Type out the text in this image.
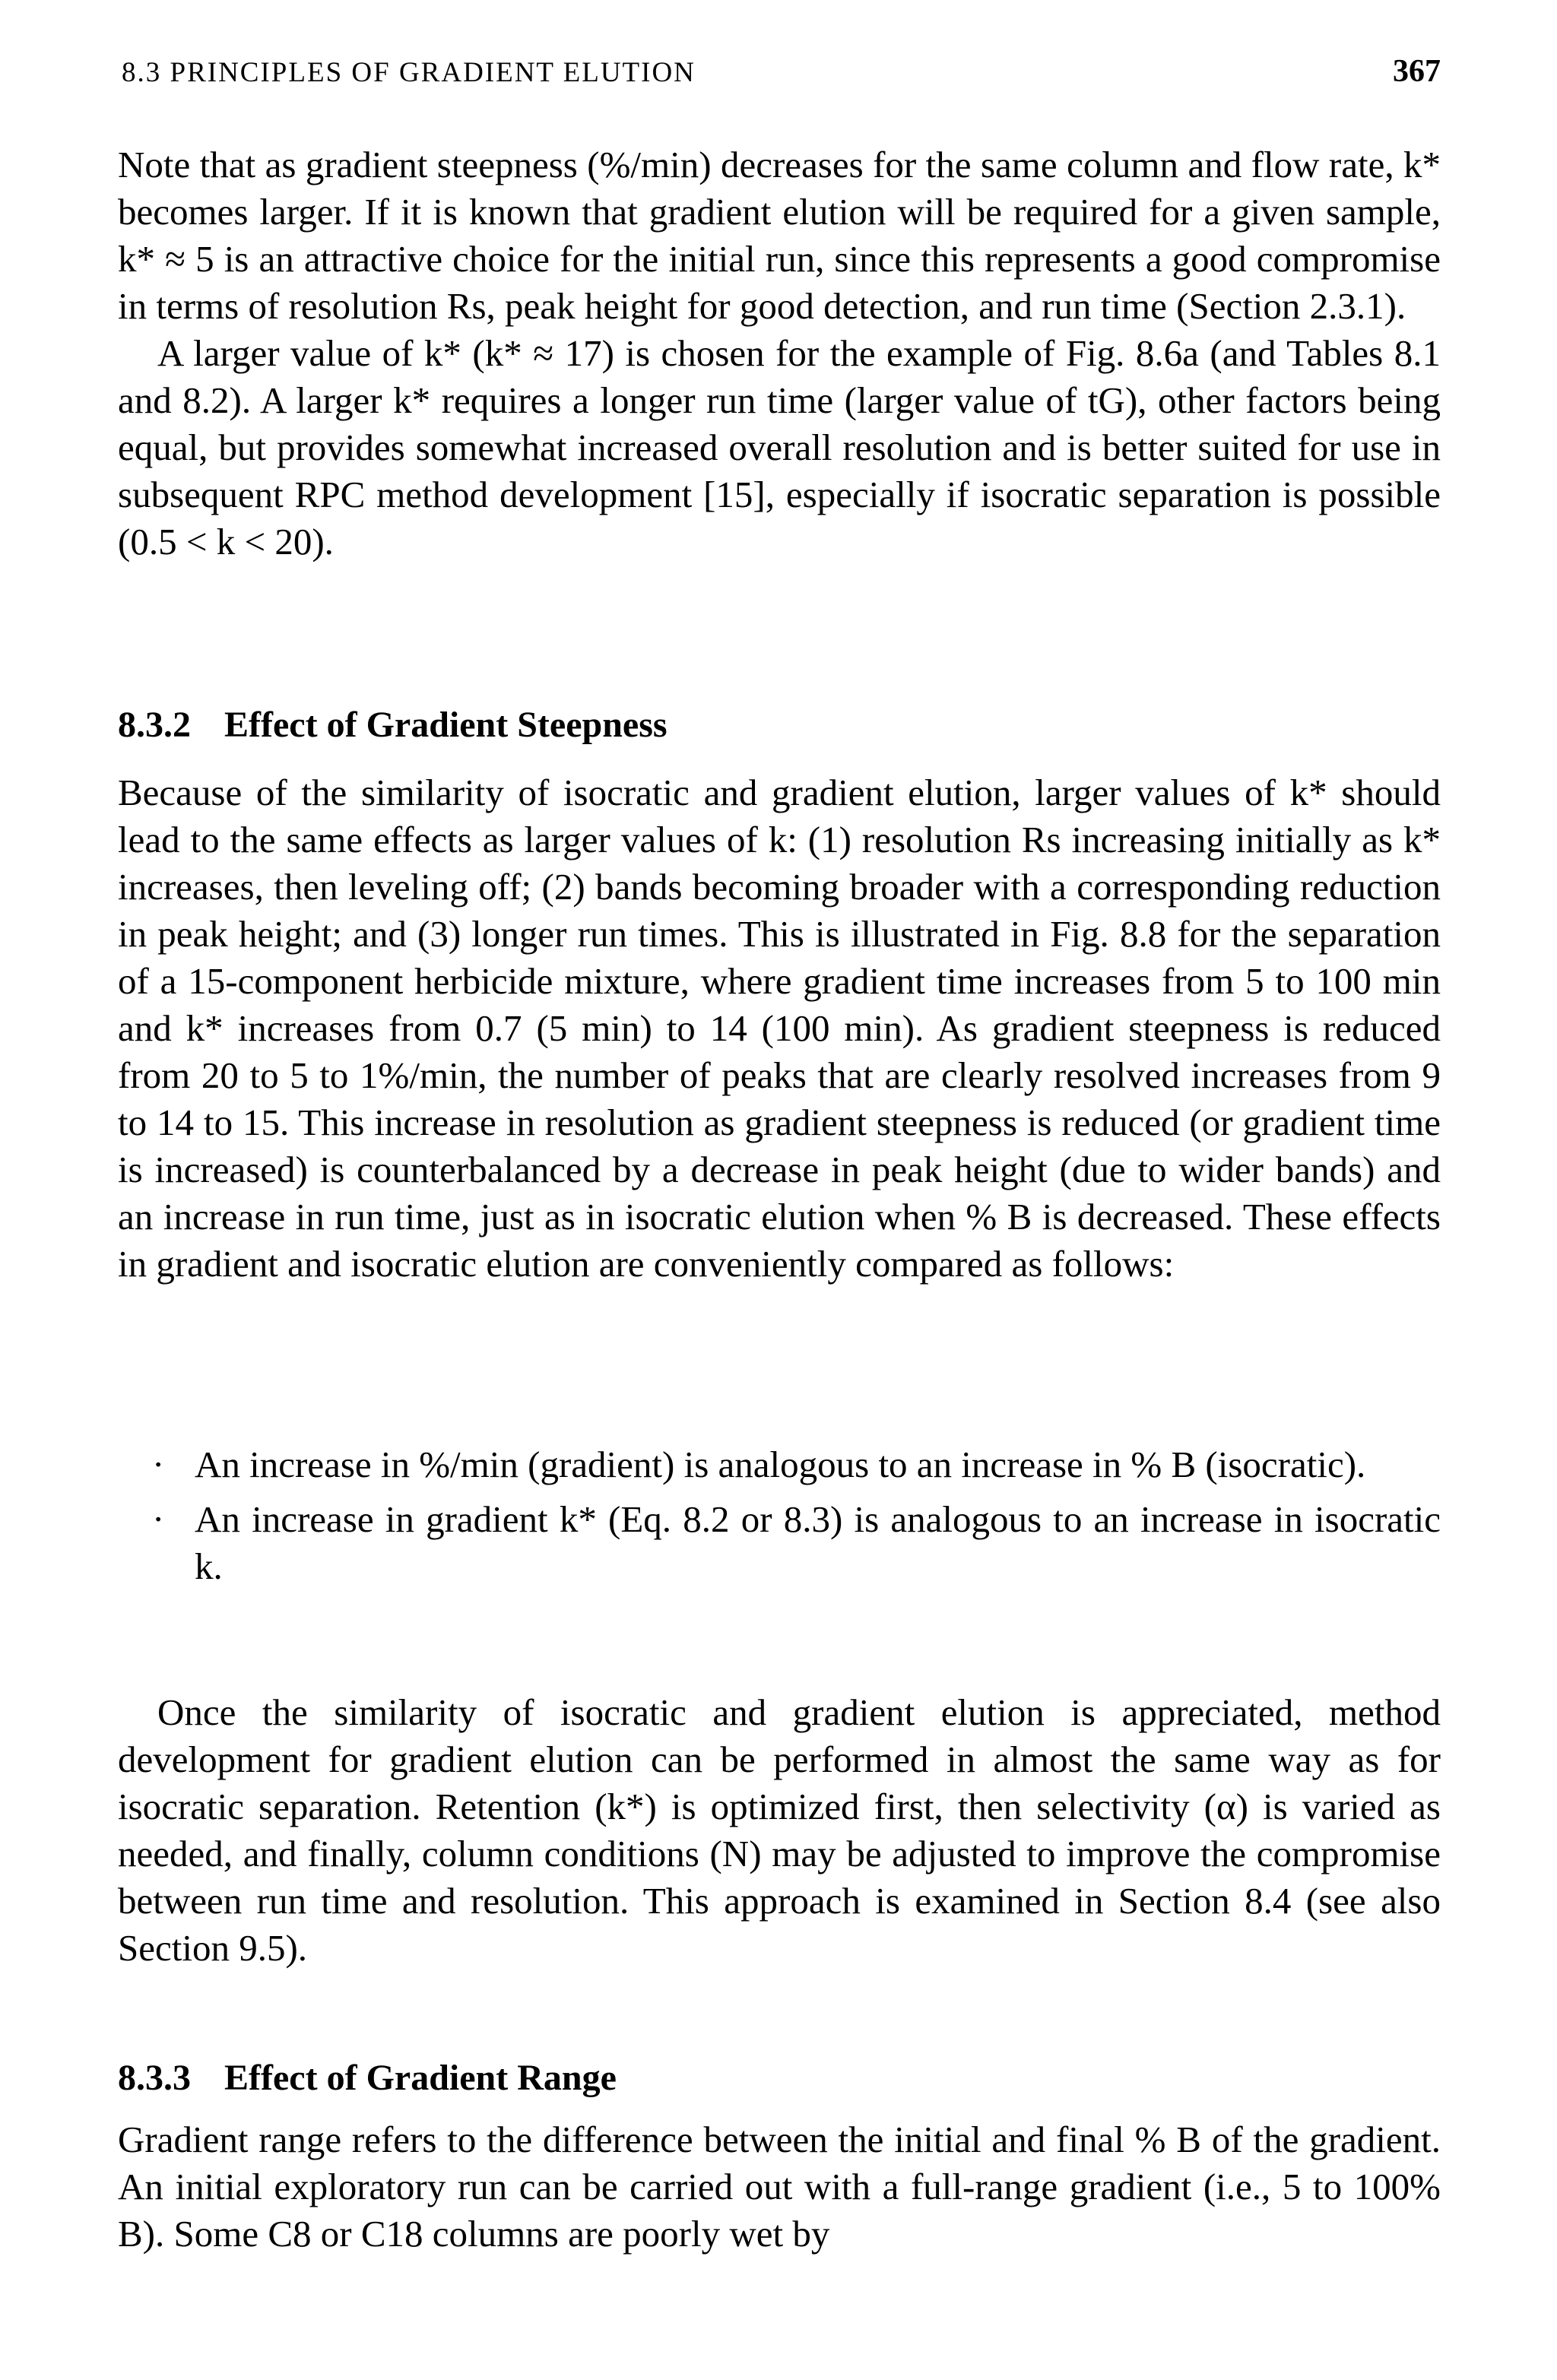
8.3 PRINCIPLES OF GRADIENT ELUTION	367

Note that as gradient steepness (%/min) decreases for the same column and flow rate, k* becomes larger. If it is known that gradient elution will be required for a given sample, k* ≈ 5 is an attractive choice for the initial run, since this represents a good compromise in terms of resolution Rs, peak height for good detection, and run time (Section 2.3.1).

A larger value of k* (k* ≈ 17) is chosen for the example of Fig. 8.6a (and Tables 8.1 and 8.2). A larger k* requires a longer run time (larger value of tG), other factors being equal, but provides somewhat increased overall resolution and is better suited for use in subsequent RPC method development [15], especially if isocratic separation is possible (0.5 < k < 20).

8.3.2 Effect of Gradient Steepness

Because of the similarity of isocratic and gradient elution, larger values of k* should lead to the same effects as larger values of k: (1) resolution Rs increasing initially as k* increases, then leveling off; (2) bands becoming broader with a corresponding reduction in peak height; and (3) longer run times. This is illustrated in Fig. 8.8 for the separation of a 15-component herbicide mixture, where gradient time increases from 5 to 100 min and k* increases from 0.7 (5 min) to 14 (100 min). As gradient steepness is reduced from 20 to 5 to 1%/min, the number of peaks that are clearly resolved increases from 9 to 14 to 15. This increase in resolution as gradient steepness is reduced (or gradient time is increased) is counterbalanced by a decrease in peak height (due to wider bands) and an increase in run time, just as in isocratic elution when % B is decreased. These effects in gradient and isocratic elution are conveniently compared as follows:

· An increase in %/min (gradient) is analogous to an increase in % B (isocratic).
· An increase in gradient k* (Eq. 8.2 or 8.3) is analogous to an increase in isocratic k.

Once the similarity of isocratic and gradient elution is appreciated, method development for gradient elution can be performed in almost the same way as for isocratic separation. Retention (k*) is optimized first, then selectivity (α) is varied as needed, and finally, column conditions (N) may be adjusted to improve the compromise between run time and resolution. This approach is examined in Section 8.4 (see also Section 9.5).

8.3.3 Effect of Gradient Range

Gradient range refers to the difference between the initial and final % B of the gradient. An initial exploratory run can be carried out with a full-range gradient (i.e., 5 to 100% B). Some C8 or C18 columns are poorly wet by
